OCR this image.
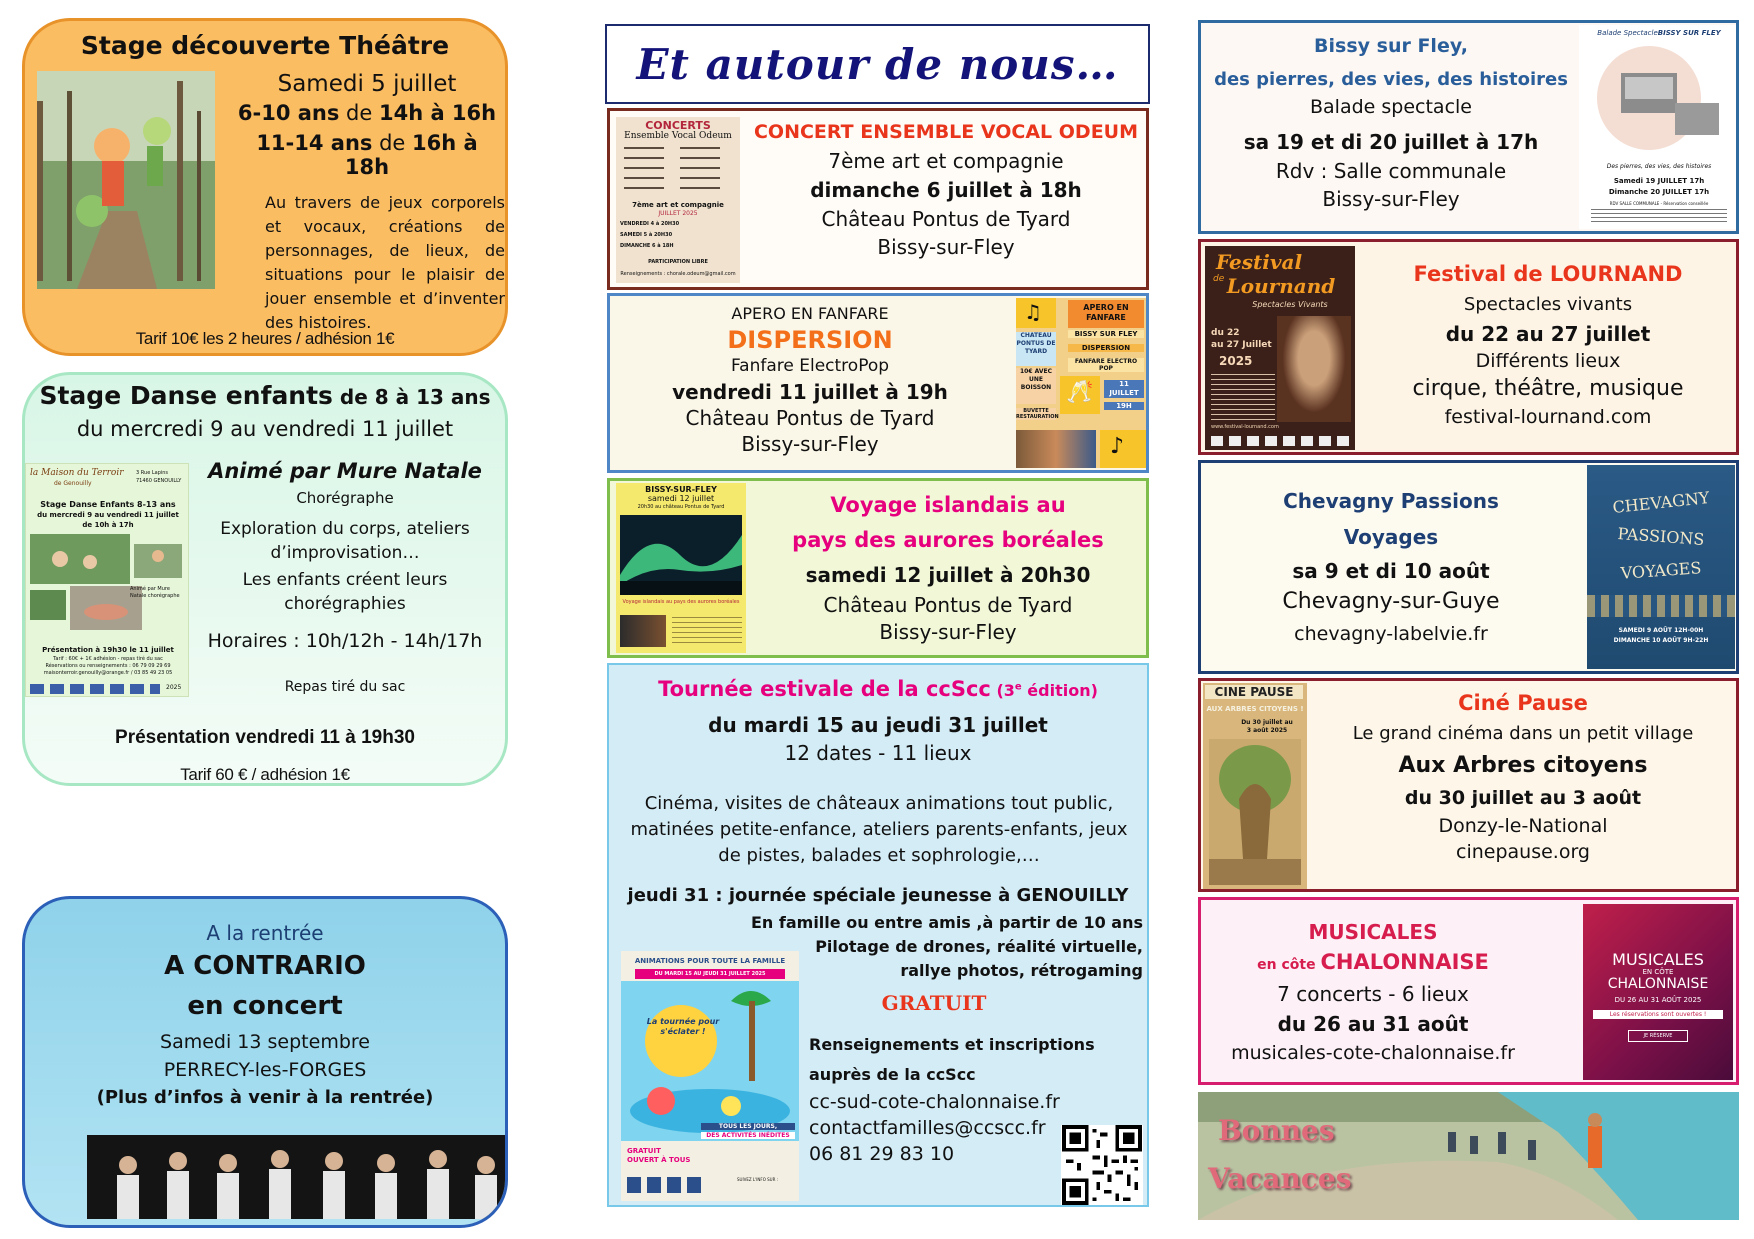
Stage découverte Théâtre
Samedi 5 juillet
6-10 ans de 14h à 16h
11-14 ans de 16h à 18h
Au travers de jeux corporels et vocaux, créations de personnages, de lieux, de situations pour le plaisir de jouer ensemble et d’inventer des histoires.
Tarif 10€ les 2 heures / adhésion 1€
Stage Danse enfants de 8 à 13 ans
du mercredi 9 au vendredi 11 juillet
la Maison du Terroir
de Genouilly
3 Rue Lapins
71460 GENOUILLY
Stage Danse Enfants 8-13 ans
du mercredi 9 au vendredi 11 juillet
de 10h à 17h
Animé par Mure Natale chorégraphe
Présentation à 19h30 le 11 juillet
Tarif : 60€ + 1€ adhésion - repas tiré du sac
Réservations ou renseignements : 06 79 09 29 69
maisonterroir.genouilly@orange.fr / 03 85 49 23 05
2025
Animé par Mure Natale
Chorégraphe
Exploration du corps, ateliers d’improvisation…
Les enfants créent leurs chorégraphies
Horaires : 10h/12h - 14h/17h
Repas tiré du sac
Présentation vendredi 11 à 19h30
Tarif 60 € / adhésion 1€
A la rentrée
A CONTRARIO
en concert
Samedi 13 septembre
PERRECY-les-FORGES
(Plus d’infos à venir à la rentrée)
Et autour de nous…
CONCERTS
Ensemble Vocal Odeum
7ème art et compagnie
JUILLET 2025
VENDREDI 4 à 20H30
SAMEDI 5 à 20H30
DIMANCHE 6 à 18H
PARTICIPATION LIBRE
Renseignements : chorale.odeum@gmail.com
CONCERT ENSEMBLE VOCAL ODEUM
7ème art et compagnie
dimanche 6 juillet à 18h
Château Pontus de Tyard
Bissy-sur-Fley
APERO EN FANFARE
DISPERSION
Fanfare ElectroPop
vendredi 11 juillet à 19h
Château Pontus de Tyard
Bissy-sur-Fley
♫	APERO EN FANFARE
BISSY SUR FLEY
DISPERSION
FANFARE ELECTRO POP
CHATEAU PONTUS DE TYARD
10€ AVEC UNE BOISSON 🥂	11 JUILLET
19H
BUVETTE RESTAURATION
♪
BISSY-SUR-FLEY
samedi 12 juillet
20h30 au château Pontus de Tyard
Voyage islandais au pays des aurores boréales
Voyage islandais au
pays des aurores boréales
samedi 12 juillet à 20h30
Château Pontus de Tyard
Bissy-sur-Fley
Tournée estivale de la ccScc (3e édition)
du mardi 15 au jeudi 31 juillet
12 dates - 11 lieux
Cinéma, visites de châteaux animations tout public, matinées petite-enfance, ateliers parents-enfants, jeux de pistes, balades et sophrologie,…
jeudi 31 : journée spéciale jeunesse à GENOUILLY
En famille ou entre amis ,à partir de 10 ans
Pilotage de drones, réalité virtuelle,
rallye photos, rétrogaming
ANIMATIONS POUR TOUTE LA FAMILLE
DU MARDI 15 AU JEUDI 31 JUILLET 2025
La tournée pour s'éclater !
TOUS LES JOURS,
DES ACTIVITÉS INÉDITES
GRATUIT
OUVERT À TOUS
SUIVEZ L'INFO SUR :
GRATUIT
Renseignements et inscriptions
auprès de la ccScc
cc-sud-cote-chalonnaise.fr
contactfamilles@ccscc.fr
06 81 29 83 10
Bissy sur Fley,
des pierres, des vies, des histoires
Balade spectacle
sa 19 et di 20 juillet à 17h
Rdv : Salle communale
Bissy-sur-Fley
Balade SpectacleBISSY SUR FLEY
Des pierres, des vies, des histoires
Samedi 19 JUILLET 17h
Dimanche 20 JUILLET 17h
RDV SALLE COMMUNALE - Réservation conseillée
Festival
de Lournand
Spectacles Vivants
du 22
au 27 Juillet
2025
www.festival-lournand.com
Festival de LOURNAND
Spectacles vivants
du 22 au 27 juillet
Différents lieux
cirque, théâtre, musique
festival-lournand.com
Chevagny Passions
Voyages
sa 9 et di 10 août
Chevagny-sur-Guye
chevagny-labelvie.fr
CHEVAGNY
PASSIONS
VOYAGES
SAMEDI 9 AOÛT 12H-00H
DIMANCHE 10 AOÛT 9H-22H
CINE PAUSE
AUX ARBRES CITOYENS !
Du 30 juillet au
3 août 2025
Ciné Pause
Le grand cinéma dans un petit village
Aux Arbres citoyens
du 30 juillet au 3 août
Donzy-le-National
cinepause.org
MUSICALES
en côte CHALONNAISE
7 concerts - 6 lieux
du 26 au 31 août
musicales-cote-chalonnaise.fr
MUSICALES
EN CÔTE
CHALONNAISE
DU 26 AU 31 AOÛT 2025
Les réservations sont ouvertes !
JE RÉSERVE
Bonnes
Vacances
